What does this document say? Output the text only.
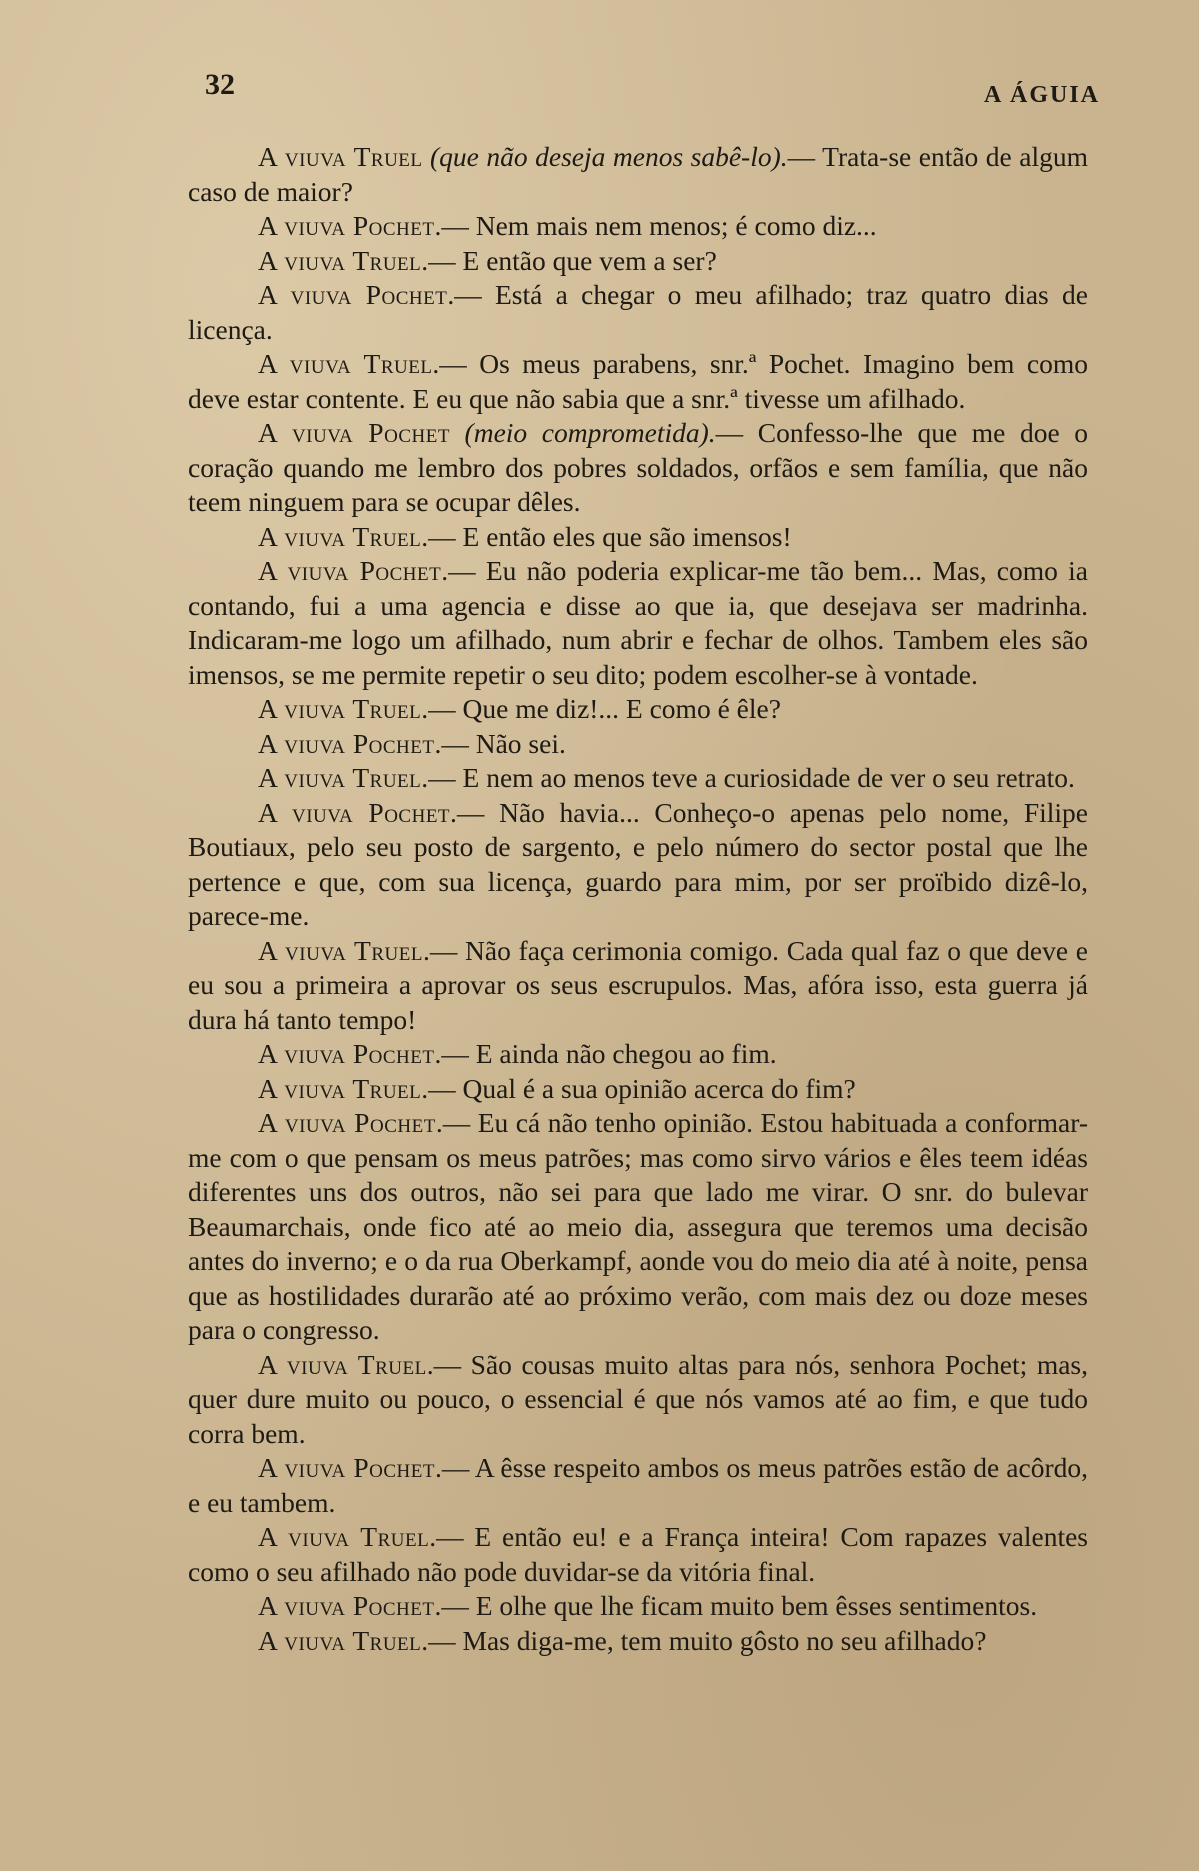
32	A ÁGUIA

A viuva Truel (que não deseja menos sabê-lo).— Trata-se então de algum caso de maior?

A viuva Pochet.— Nem mais nem menos; é como diz...

A viuva Truel.— E então que vem a ser?

A viuva Pochet.— Está a chegar o meu afilhado; traz quatro dias de licença.

A viuva Truel.— Os meus parabens, snr.ª Pochet. Imagino bem como deve estar contente. E eu que não sabia que a snr.ª tivesse um afilhado.

A viuva Pochet (meio comprometida).— Confesso-lhe que me doe o coração quando me lembro dos pobres soldados, orfãos e sem família, que não teem ninguem para se ocupar dêles.

A viuva Truel.— E então eles que são imensos!

A viuva Pochet.— Eu não poderia explicar-me tão bem... Mas, como ia contando, fui a uma agencia e disse ao que ia, que desejava ser madrinha. Indicaram-me logo um afilhado, num abrir e fechar de olhos. Tambem eles são imensos, se me permite repetir o seu dito; podem escolher-se à vontade.

A viuva Truel.— Que me diz!... E como é êle?

A viuva Pochet.— Não sei.

A viuva Truel.— E nem ao menos teve a curiosidade de ver o seu retrato.

A viuva Pochet.— Não havia... Conheço-o apenas pelo nome, Filipe Boutiaux, pelo seu posto de sargento, e pelo número do sector postal que lhe pertence e que, com sua licença, guardo para mim, por ser proïbido dizê-lo, parece-me.

A viuva Truel.— Não faça cerimonia comigo. Cada qual faz o que deve e eu sou a primeira a aprovar os seus escrupulos. Mas, afóra isso, esta guerra já dura há tanto tempo!

A viuva Pochet.— E ainda não chegou ao fim.

A viuva Truel.— Qual é a sua opinião acerca do fim?

A viuva Pochet.— Eu cá não tenho opinião. Estou habituada a conformar-me com o que pensam os meus patrões; mas como sirvo vários e êles teem idéas diferentes uns dos outros, não sei para que lado me virar. O snr. do bulevar Beaumarchais, onde fico até ao meio dia, assegura que teremos uma decisão antes do inverno; e o da rua Oberkampf, aonde vou do meio dia até à noite, pensa que as hostilidades durarão até ao próximo verão, com mais dez ou doze meses para o congresso.

A viuva Truel.— São cousas muito altas para nós, senhora Pochet; mas, quer dure muito ou pouco, o essencial é que nós vamos até ao fim, e que tudo corra bem.

A viuva Pochet.— A êsse respeito ambos os meus patrões estão de acôrdo, e eu tambem.

A viuva Truel.— E então eu! e a França inteira! Com rapazes valentes como o seu afilhado não pode duvidar-se da vitória final.

A viuva Pochet.— E olhe que lhe ficam muito bem êsses sentimentos.

A viuva Truel.— Mas diga-me, tem muito gôsto no seu afilhado?
